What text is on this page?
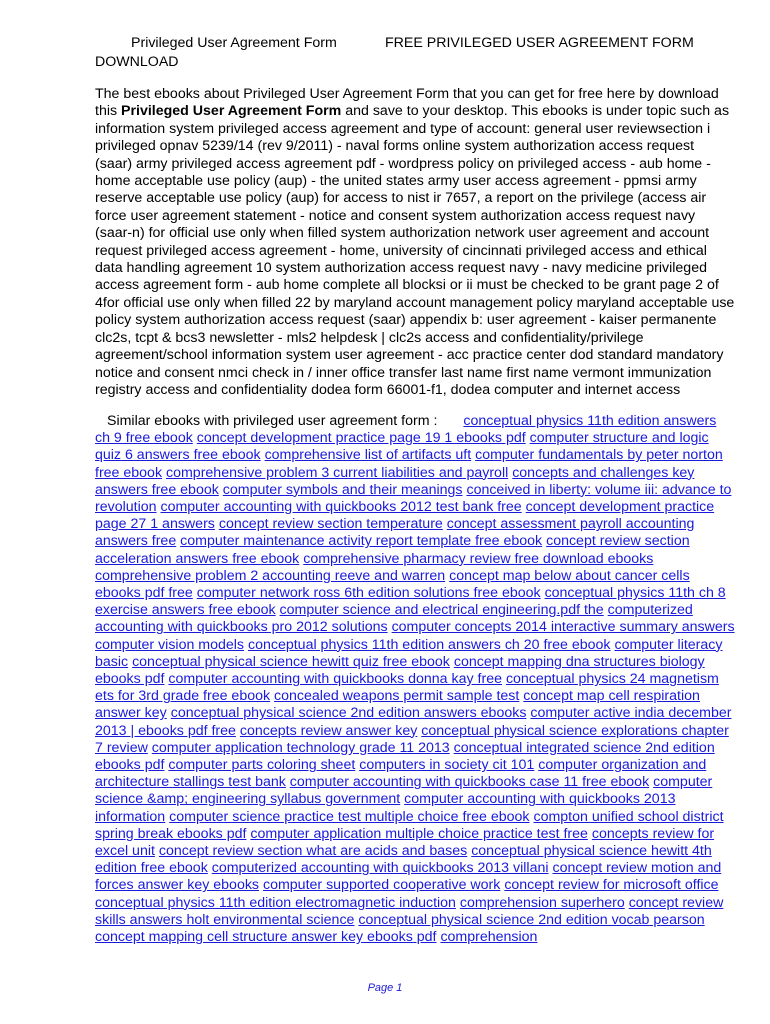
Privileged User Agreement Form	FREE PRIVILEGED USER AGREEMENT FORM
DOWNLOAD
The best ebooks about Privileged User Agreement Form that you can get for free here by download this Privileged User Agreement Form and save to your desktop. This ebooks is under topic such as information system privileged access agreement and type of account: general user reviewsection i privileged opnav 5239/14 (rev 9/2011) - naval forms online system authorization access request (saar) army privileged access agreement pdf - wordpress policy on privileged access - aub home - home acceptable use policy (aup) - the united states army user access agreement - ppmsi army reserve acceptable use policy (aup) for access to nist ir 7657, a report on the privilege (access air force user agreement statement - notice and consent system authorization access request navy (saar-n) for official use only when filled system authorization network user agreement and account request privileged access agreement - home, university of cincinnati privileged access and ethical data handling agreement 10 system authorization access request navy - navy medicine privileged access agreement form - aub home complete all blocksi or ii must be checked to be grant page 2 of 4for official use only when filled 22 by maryland account management policy maryland acceptable use policy system authorization access request (saar) appendix b: user agreement - kaiser permanente clc2s, tcpt & bcs3 newsletter - mls2 helpdesk | clc2s access and confidentiality/privilege agreement/school information system user agreement - acc practice center dod standard mandatory notice and consent nmci check in / inner office transfer last name first name vermont immunization registry access and confidentiality dodea form 66001-f1, dodea computer and internet access
Similar ebooks with privileged user agreement form : conceptual physics 11th edition answers ch 9 free ebook concept development practice page 19 1 ebooks pdf computer structure and logic quiz 6 answers free ebook comprehensive list of artifacts uft computer fundamentals by peter norton free ebook comprehensive problem 3 current liabilities and payroll concepts and challenges key answers free ebook computer symbols and their meanings conceived in liberty: volume iii: advance to revolution computer accounting with quickbooks 2012 test bank free concept development practice page 27 1 answers concept review section temperature concept assessment payroll accounting answers free computer maintenance activity report template free ebook concept review section acceleration answers free ebook comprehensive pharmacy review free download ebooks comprehensive problem 2 accounting reeve and warren concept map below about cancer cells ebooks pdf free computer network ross 6th edition solutions free ebook conceptual physics 11th ch 8 exercise answers free ebook computer science and electrical engineering.pdf the computerized accounting with quickbooks pro 2012 solutions computer concepts 2014 interactive summary answers computer vision models conceptual physics 11th edition answers ch 20 free ebook computer literacy basic conceptual physical science hewitt quiz free ebook concept mapping dna structures biology ebooks pdf computer accounting with quickbooks donna kay free conceptual physics 24 magnetism ets for 3rd grade free ebook concealed weapons permit sample test concept map cell respiration answer key conceptual physical science 2nd edition answers ebooks computer active india december 2013 | ebooks pdf free concepts review answer key conceptual physical science explorations chapter 7 review computer application technology grade 11 2013 conceptual integrated science 2nd edition ebooks pdf computer parts coloring sheet computers in society cit 101 computer organization and architecture stallings test bank computer accounting with quickbooks case 11 free ebook computer science &amp; engineering syllabus government computer accounting with quickbooks 2013 information computer science practice test multiple choice free ebook compton unified school district spring break ebooks pdf computer application multiple choice practice test free concepts review for excel unit concept review section what are acids and bases conceptual physical science hewitt 4th edition free ebook computerized accounting with quickbooks 2013 villani concept review motion and forces answer key ebooks computer supported cooperative work concept review for microsoft office conceptual physics 11th edition electromagnetic induction comprehension superhero concept review skills answers holt environmental science conceptual physical science 2nd edition vocab pearson concept mapping cell structure answer key ebooks pdf comprehension
Page 1
